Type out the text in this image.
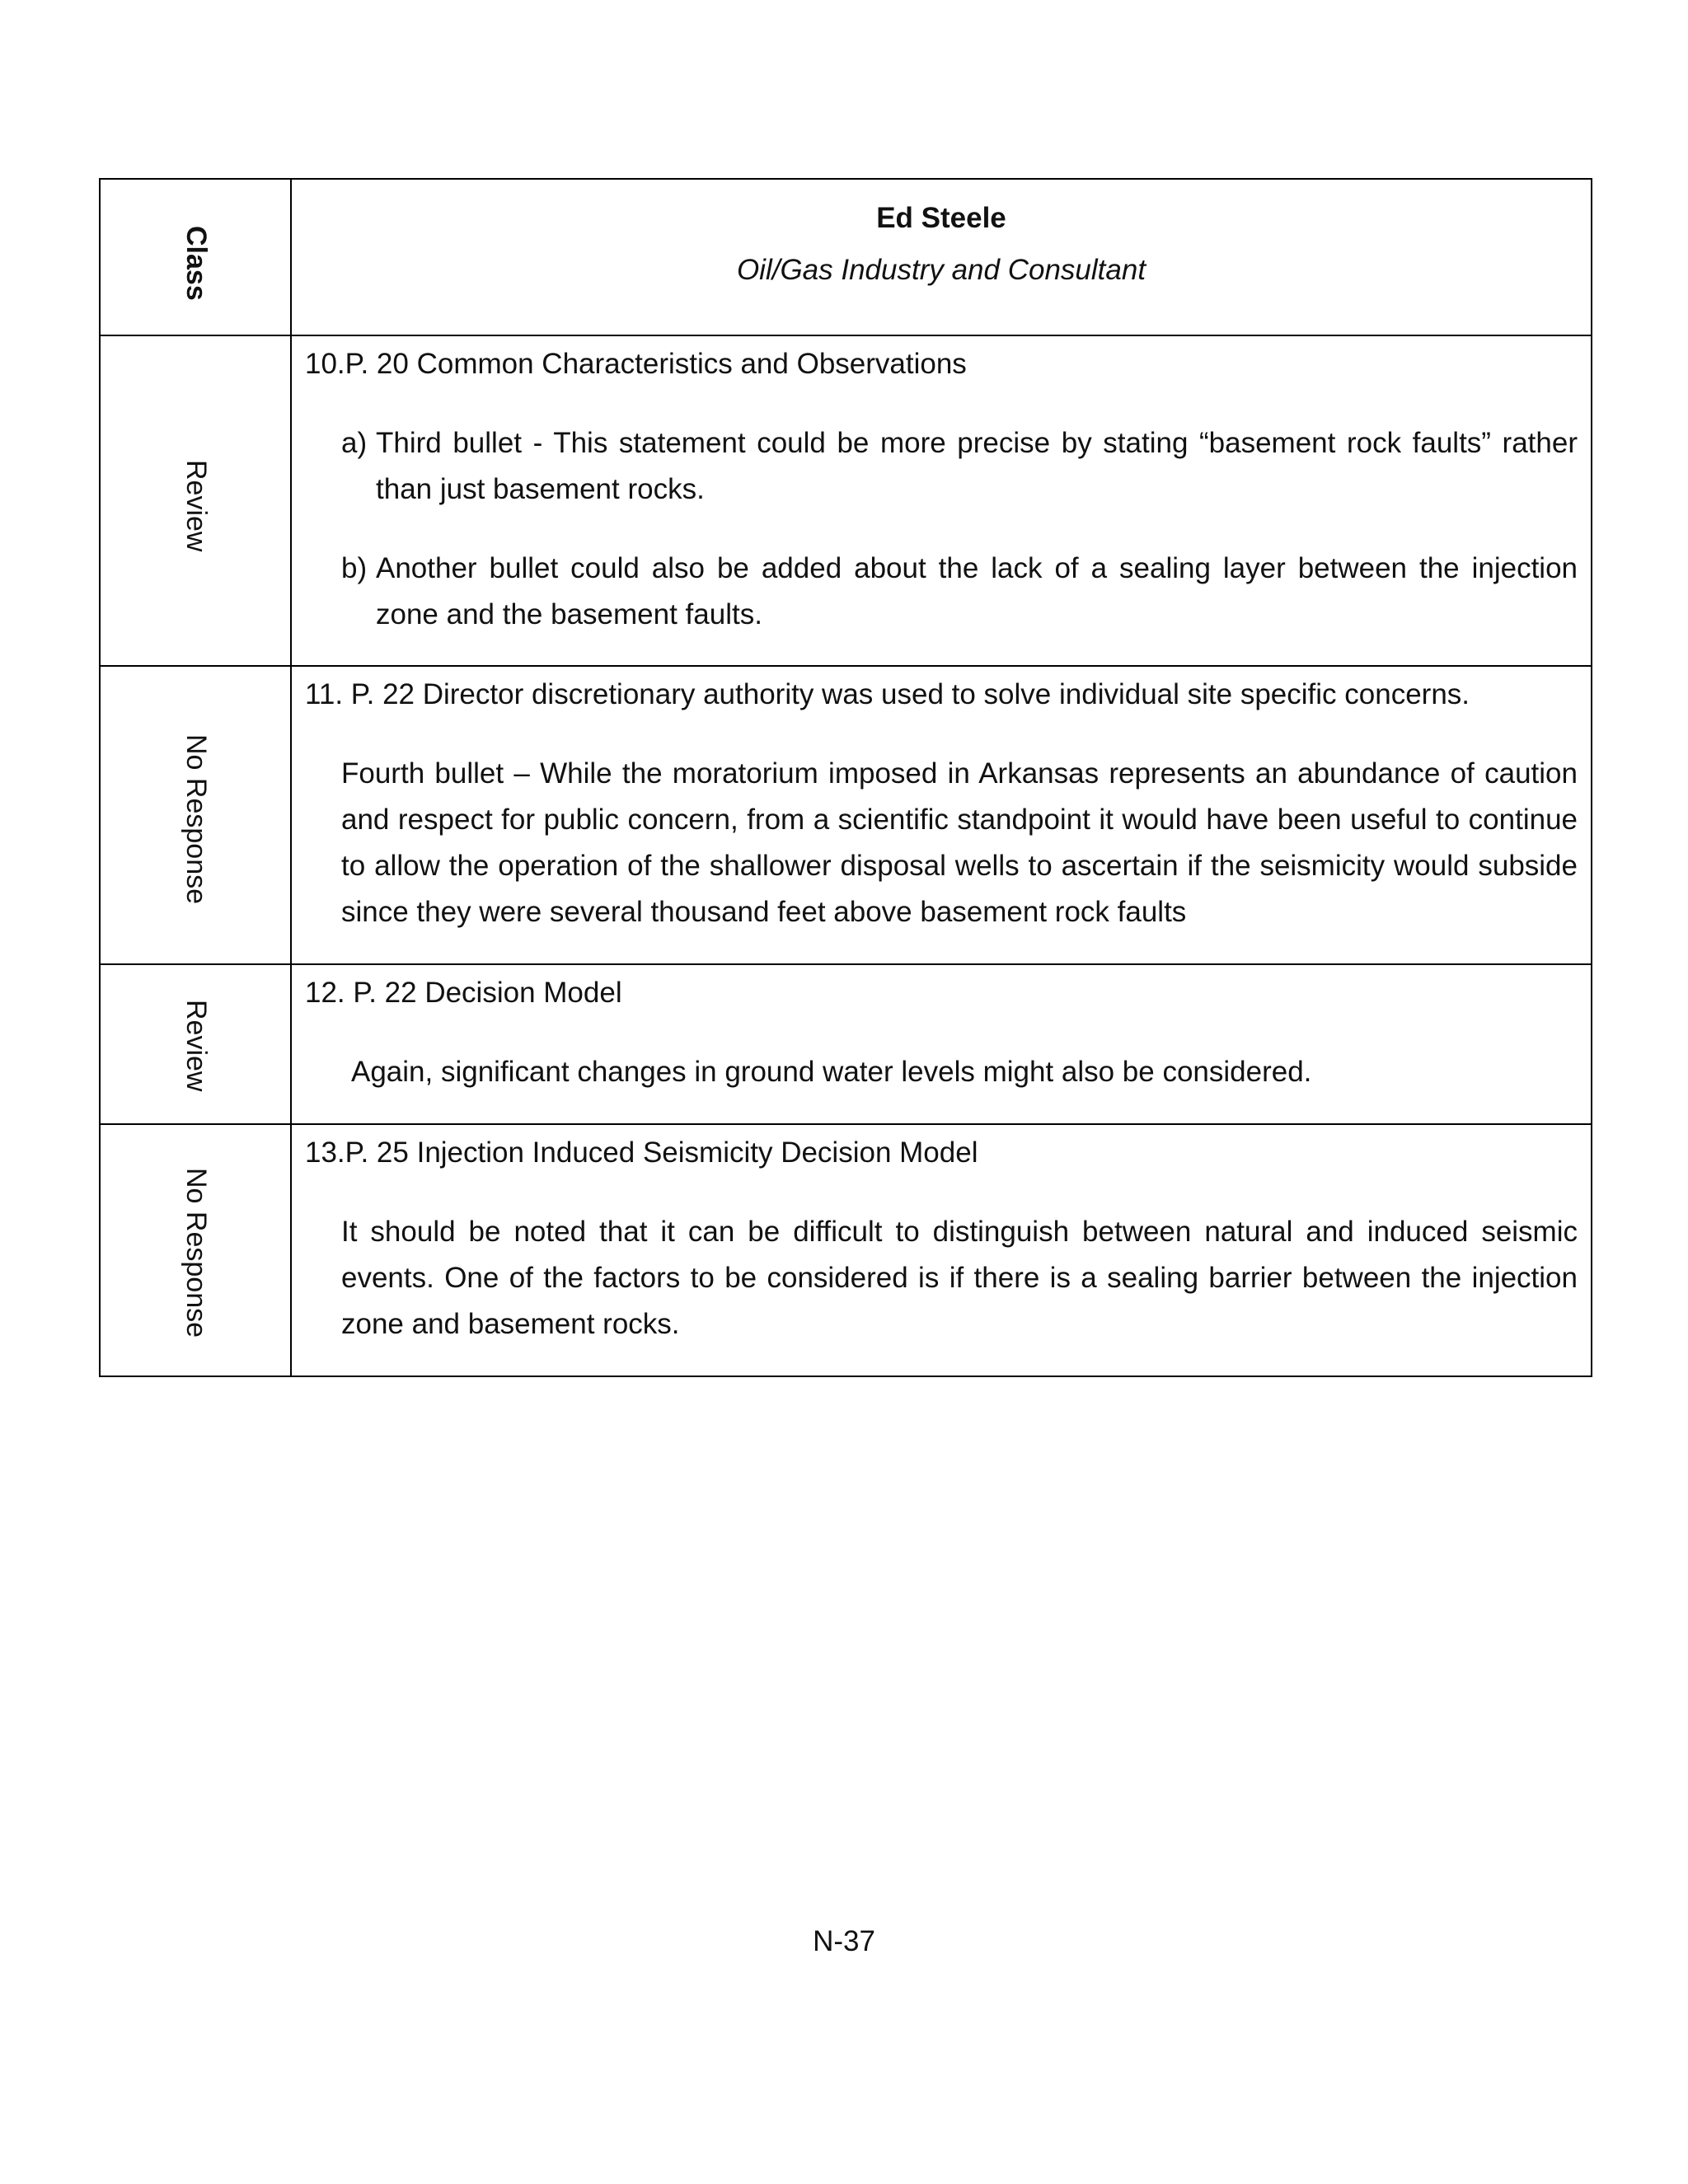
Class	Ed Steele
Oil/Gas Industry and Consultant

Review	10.P. 20 Common Characteristics and Observations
a) Third bullet - This statement could be more precise by stating “basement rock faults” rather than just basement rocks.
b) Another bullet could also be added about the lack of a sealing layer between the injection zone and the basement faults.

No Response	11. P. 22 Director discretionary authority was used to solve individual site specific concerns.
Fourth bullet – While the moratorium imposed in Arkansas represents an abundance of caution and respect for public concern, from a scientific standpoint it would have been useful to continue to allow the operation of the shallower disposal wells to ascertain if the seismicity would subside since they were several thousand feet above basement rock faults

Review	12. P. 22 Decision Model
Again, significant changes in ground water levels might also be considered.

No Response	13.P. 25 Injection Induced Seismicity Decision Model
It should be noted that it can be difficult to distinguish between natural and induced seismic events. One of the factors to be considered is if there is a sealing barrier between the injection zone and basement rocks.
N-37
